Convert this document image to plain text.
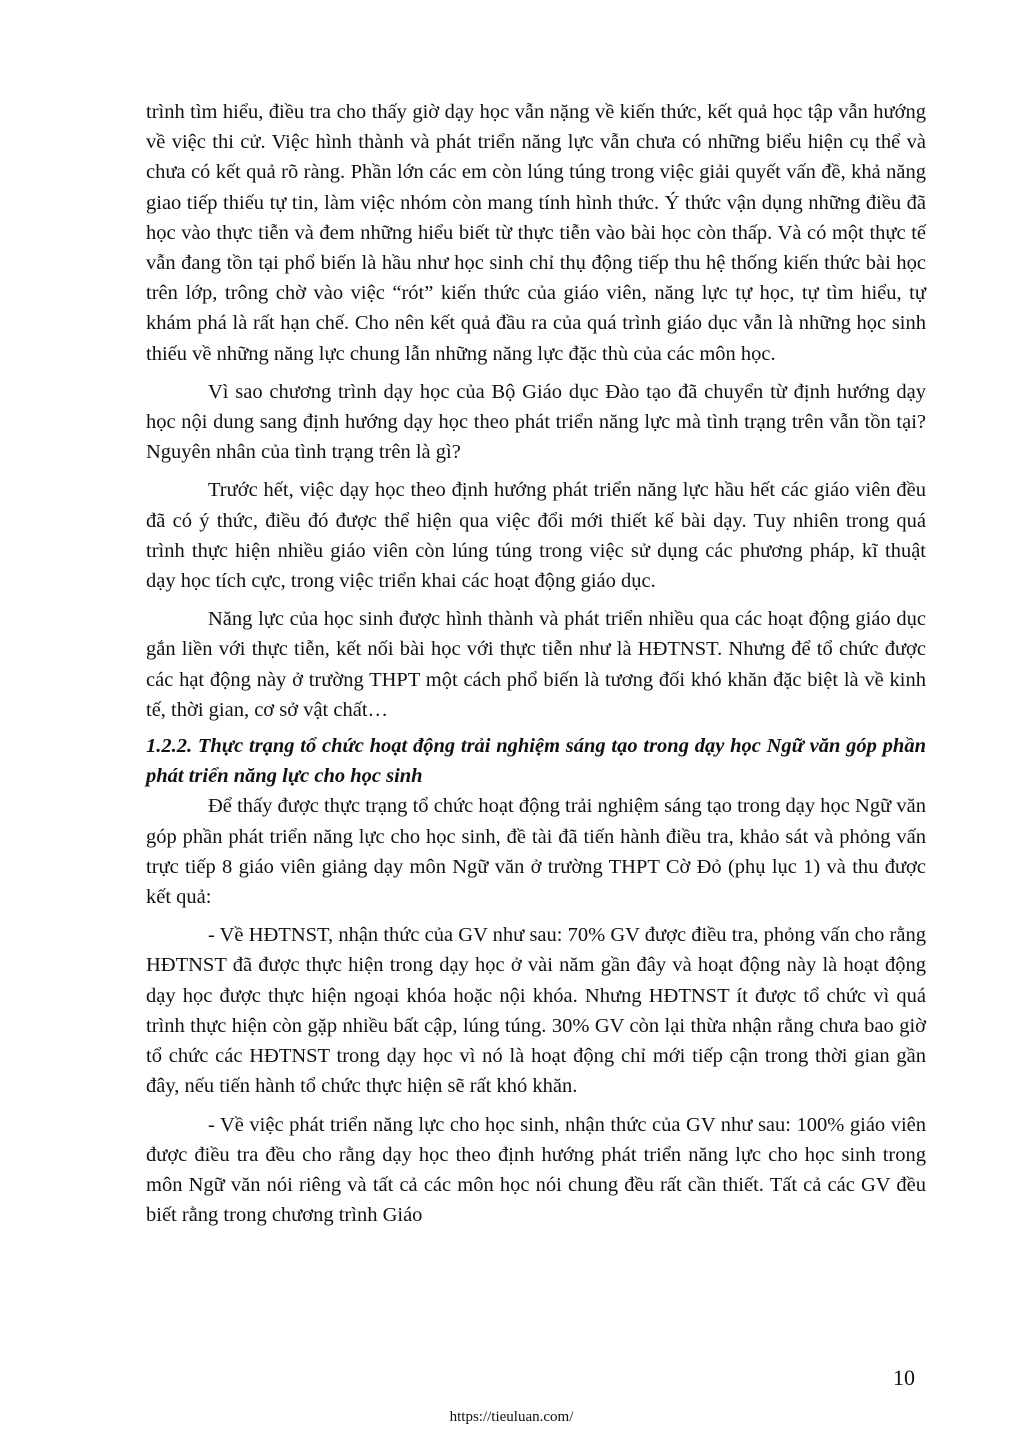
trình tìm hiểu, điều tra cho thấy giờ dạy học vẫn nặng về kiến thức, kết quả học tập vẫn hướng về việc thi cử. Việc hình thành và phát triển năng lực vẫn chưa có những biểu hiện cụ thể và chưa có kết quả rõ ràng. Phần lớn các em còn lúng túng trong việc giải quyết vấn đề, khả năng giao tiếp thiếu tự tin, làm việc nhóm còn mang tính hình thức. Ý thức vận dụng những điều đã học vào thực tiễn và đem những hiểu biết từ thực tiễn vào bài học còn thấp. Và có một thực tế vẫn đang tồn tại phổ biến là hầu như học sinh chỉ thụ động tiếp thu hệ thống kiến thức bài học trên lớp, trông chờ vào việc “rót” kiến thức của giáo viên, năng lực tự học, tự tìm hiểu, tự khám phá là rất hạn chế. Cho nên kết quả đầu ra của quá trình giáo dục vẫn là những học sinh thiếu về những năng lực chung lẫn những năng lực đặc thù của các môn học.

Vì sao chương trình dạy học của Bộ Giáo dục Đào tạo đã chuyển từ định hướng dạy học nội dung sang định hướng dạy học theo phát triển năng lực mà tình trạng trên vẫn tồn tại? Nguyên nhân của tình trạng trên là gì?

Trước hết, việc dạy học theo định hướng phát triển năng lực hầu hết các giáo viên đều đã có ý thức, điều đó được thể hiện qua việc đổi mới thiết kế bài dạy. Tuy nhiên trong quá trình thực hiện nhiều giáo viên còn lúng túng trong việc sử dụng các phương pháp, kĩ thuật dạy học tích cực, trong việc triển khai các hoạt động giáo dục.

Năng lực của học sinh được hình thành và phát triển nhiều qua các hoạt động giáo dục gắn liền với thực tiễn, kết nối bài học với thực tiễn như là HĐTNST. Nhưng để tổ chức được các hạt động này ở trường THPT một cách phổ biến là tương đối khó khăn đặc biệt là về kinh tế, thời gian, cơ sở vật chất…

1.2.2. Thực trạng tổ chức hoạt động trải nghiệm sáng tạo trong dạy học Ngữ văn góp phần phát triển năng lực cho học sinh

Để thấy được thực trạng tổ chức hoạt động trải nghiệm sáng tạo trong dạy học Ngữ văn góp phần phát triển năng lực cho học sinh, đề tài đã tiến hành điều tra, khảo sát và phỏng vấn trực tiếp 8 giáo viên giảng dạy môn Ngữ văn ở trường THPT Cờ Đỏ (phụ lục 1) và thu được kết quả:

- Về HĐTNST, nhận thức của GV như sau: 70% GV được điều tra, phỏng vấn cho rằng HĐTNST đã được thực hiện trong dạy học ở vài năm gần đây và hoạt động này là hoạt động dạy học được thực hiện ngoại khóa hoặc nội khóa. Nhưng HĐTNST ít được tổ chức vì quá trình thực hiện còn gặp nhiều bất cập, lúng túng. 30% GV còn lại thừa nhận rằng chưa bao giờ tổ chức các HĐTNST trong dạy học vì nó là hoạt động chỉ mới tiếp cận trong thời gian gần đây, nếu tiến hành tổ chức thực hiện sẽ rất khó khăn.

- Về việc phát triển năng lực cho học sinh, nhận thức của GV như sau: 100% giáo viên được điều tra đều cho rằng dạy học theo định hướng phát triển năng lực cho học sinh trong môn Ngữ văn nói riêng và tất cả các môn học nói chung đều rất cần thiết. Tất cả các GV đều biết rằng trong chương trình Giáo

10
https://tieuluan.com/
